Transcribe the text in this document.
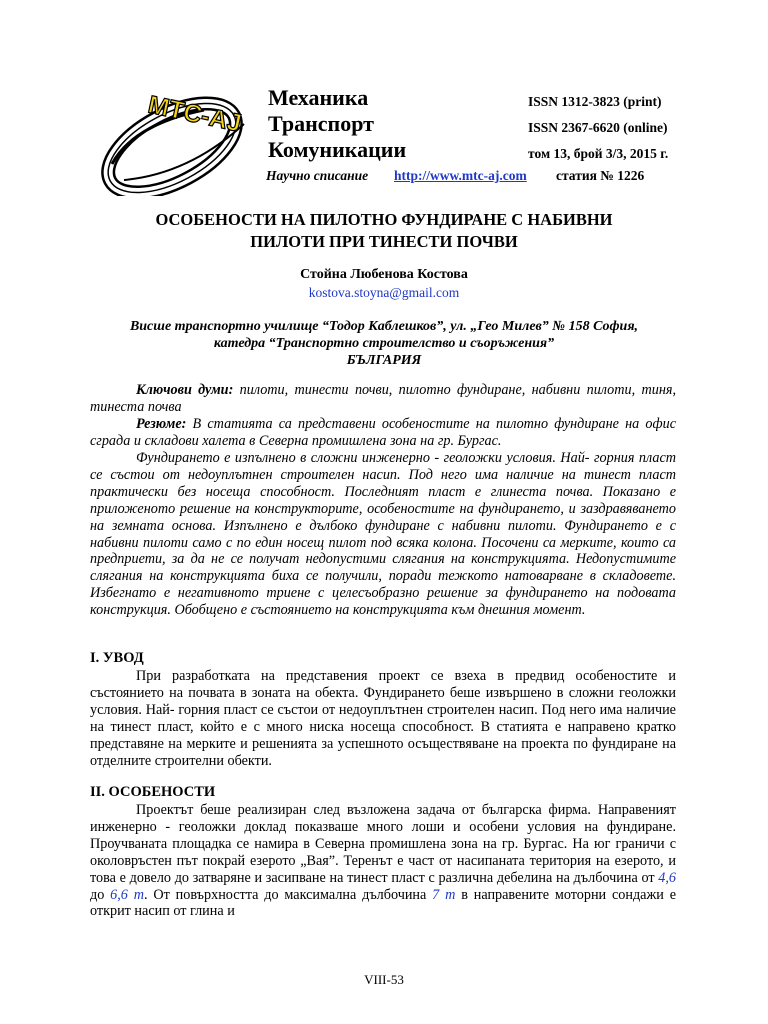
MTC-AJ Механика
Транспорт
Комуникации
ISSN 1312-3823 (print)
ISSN 2367-6620 (online)
том 13, брой 3/3, 2015 г.
Научно списание http://www.mtc-aj.com статия № 1226
ОСОБЕНОСТИ НА ПИЛОТНО ФУНДИРАНЕ С НАБИВНИ
ПИЛОТИ ПРИ ТИНЕСТИ ПОЧВИ
Стойна Любенова Костова
kostova.stoyna@gmail.com
Висше транспортно училище “Тодор Каблешков”, ул. „Гео Милев” № 158 София,
катедра “Транспортно строителство и съоръжения”
БЪЛГАРИЯ
Ключови думи: пилоти, тинести почви, пилотно фундиране, набивни пилоти, тиня, тинеста почва
Резюме: В статията са представени особеностите на пилотно фундиране на офис сграда и складови халета в Северна промишлена зона на гр. Бургас.
Фундирането е изпълнено в сложни инженерно - геоложки условия. Най- горния пласт се състои от недоуплътнен строителен насип. Под него има наличие на тинест пласт практически без носеща способност. Последният пласт е глинеста почва. Показано е приложеното решение на конструкторите, особеностите на фундирането, и заздравяването на земната основа. Изпълнено е дълбоко фундиране с набивни пилоти. Фундирането е с набивни пилоти само с по един носещ пилот под всяка колона. Посочени са мерките, които са предприети, за да не се получат недопустими слягания на конструкцията. Недопустимите слягания на конструкцията биха се получили, поради тежкото натоварване в складовете. Избегнато е негативното триене с целесъобразно решение за фундирането на подовата конструкция. Обобщено е състоянието на конструкцията към днешния момент.
I. УВОД
При разработката на представения проект се взеха в предвид особеностите и състоянието на почвата в зоната на обекта. Фундирането беше извършено в сложни геоложки условия. Най- горния пласт се състои от недоуплътнен строителен насип. Под него има наличие на тинест пласт, който е с много ниска носеща способност. В статията е направено кратко представяне на мерките и решенията за успешното осъществяване на проекта по фундиране на отделните строителни обекти.
II. ОСОБЕНОСТИ
Проектът беше реализиран след възложена задача от българска фирма. Направеният инженерно - геоложки доклад показваше много лоши и особени условия на фундиране. Проучваната площадка се намира в Северна промишлена зона на гр. Бургас. На юг граничи с околовръстен път покрай езерото „Вая”. Теренът е част от насипаната територия на езерото, и това е довело до затваряне и засипване на тинест пласт с различна дебелина на дълбочина от 4,6 до 6,6 m. От повърхността до максимална дълбочина 7 m в направените моторни сондажи е открит насип от глина и
VIII-53
